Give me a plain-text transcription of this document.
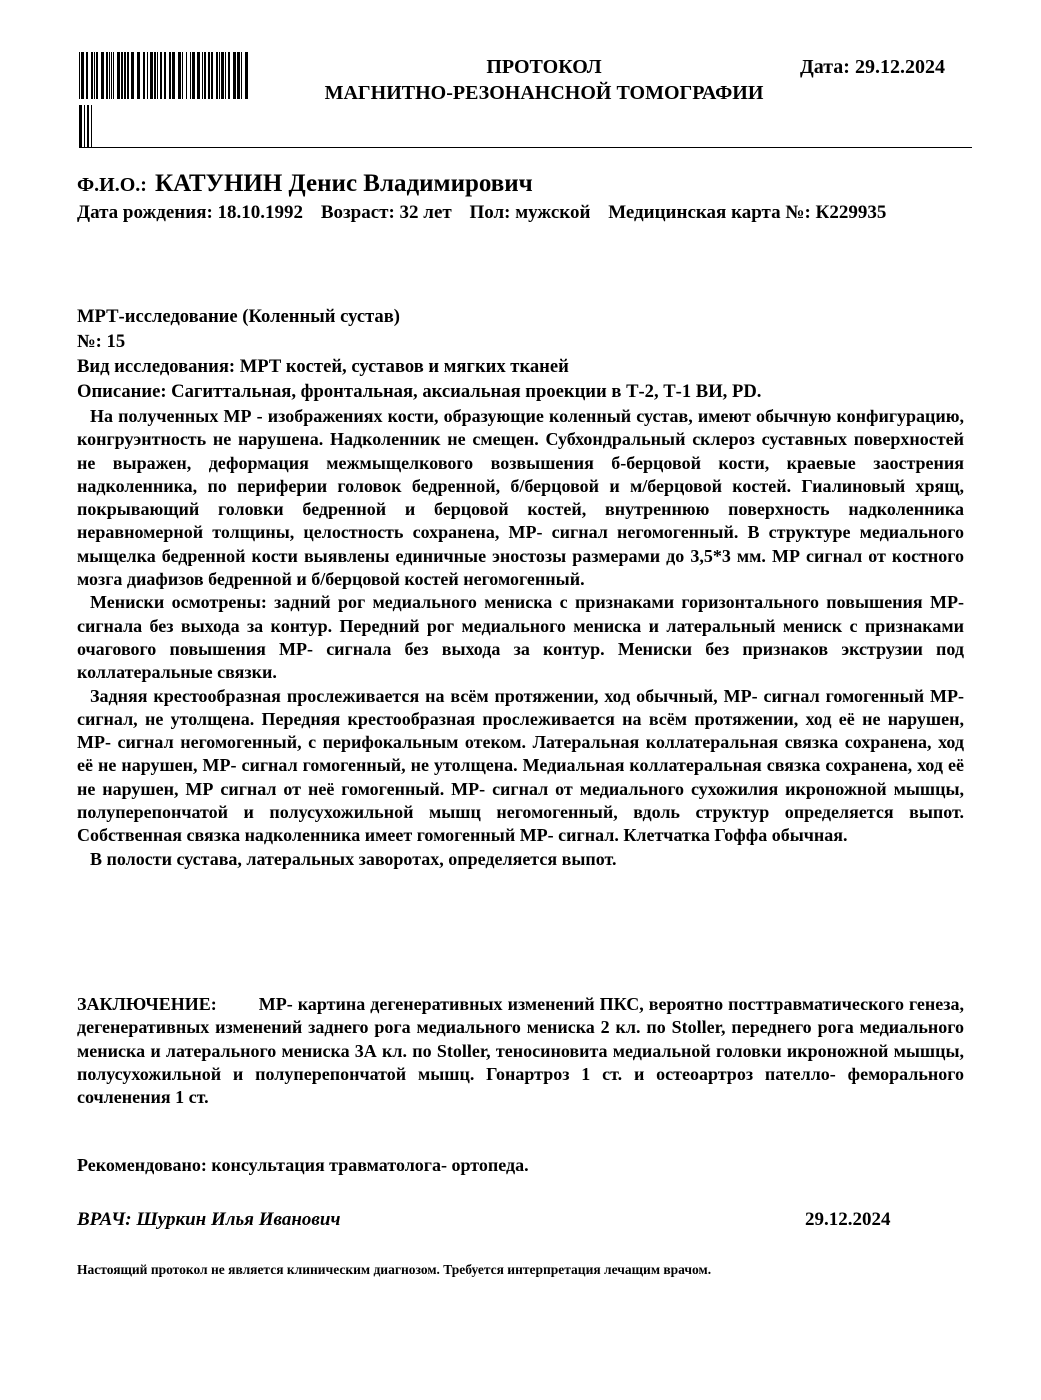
ПРОТОКОЛ
МАГНИТНО-РЕЗОНАНСНОЙ ТОМОГРАФИИ
Дата: 29.12.2024
Ф.И.О.: КАТУНИН Денис Владимирович
Дата рождения: 18.10.1992 Возраст: 32 лет Пол: мужской Медицинская карта №: К229935
МРТ-исследование (Коленный сустав)
№: 15
Вид исследования: МРТ костей, суставов и мягких тканей
Описание: Сагиттальная, фронтальная, аксиальная проекции в Т-2, Т-1 ВИ, PD.

На полученных МР - изображениях кости, образующие коленный сустав, имеют обычную конфигурацию, конгруэнтность не нарушена. Надколенник не смещен. Субхондральный склероз суставных поверхностей не выражен, деформация межмыщелкового возвышения б-берцовой кости, краевые заострения надколенника, по периферии головок бедренной, б/берцовой и м/берцовой костей. Гиалиновый хрящ, покрывающий головки бедренной и берцовой костей, внутреннюю поверхность надколенника неравномерной толщины, целостность сохранена, МР- сигнал негомогенный. В структуре медиального мыщелка бедренной кости выявлены единичные эностозы размерами до 3,5*3 мм. МР сигнал от костного мозга диафизов бедренной и б/берцовой костей негомогенный.

Мениски осмотрены: задний рог медиального мениска с признаками горизонтального повышения МР- сигнала без выхода за контур. Передний рог медиального мениска и латеральный мениск с признаками очагового повышения МР- сигнала без выхода за контур. Мениски без признаков экструзии под коллатеральные связки.

Задняя крестообразная прослеживается на всём протяжении, ход обычный, МР- сигнал гомогенный МР- сигнал, не утолщена. Передняя крестообразная прослеживается на всём протяжении, ход её не нарушен, МР- сигнал негомогенный, с перифокальным отеком. Латеральная коллатеральная связка сохранена, ход её не нарушен, МР- сигнал гомогенный, не утолщена. Медиальная коллатеральная связка сохранена, ход её не нарушен, МР сигнал от неё гомогенный. МР- сигнал от медиального сухожилия икроножной мышцы, полуперепончатой и полусухожильной мышц негомогенный, вдоль структур определяется выпот. Собственная связка надколенника имеет гомогенный МР- сигнал. Клетчатка Гоффа обычная.

В полости сустава, латеральных заворотах, определяется выпот.

ЗАКЛЮЧЕНИЕ: МР- картина дегенеративных изменений ПКС, вероятно посттравматического генеза, дегенеративных изменений заднего рога медиального мениска 2 кл. по Stoller, переднего рога медиального мениска и латерального мениска 3А кл. по Stoller, теносиновита медиальной головки икроножной мышцы, полусухожильной и полуперепончатой мышц. Гонартроз 1 ст. и остеоартроз пателло- феморального сочленения 1 ст.
Рекомендовано: консультация травматолога- ортопеда.
ВРАЧ: Шуркин Илья Иванович	29.12.2024
Настоящий протокол не является клиническим диагнозом. Требуется интерпретация лечащим врачом.
